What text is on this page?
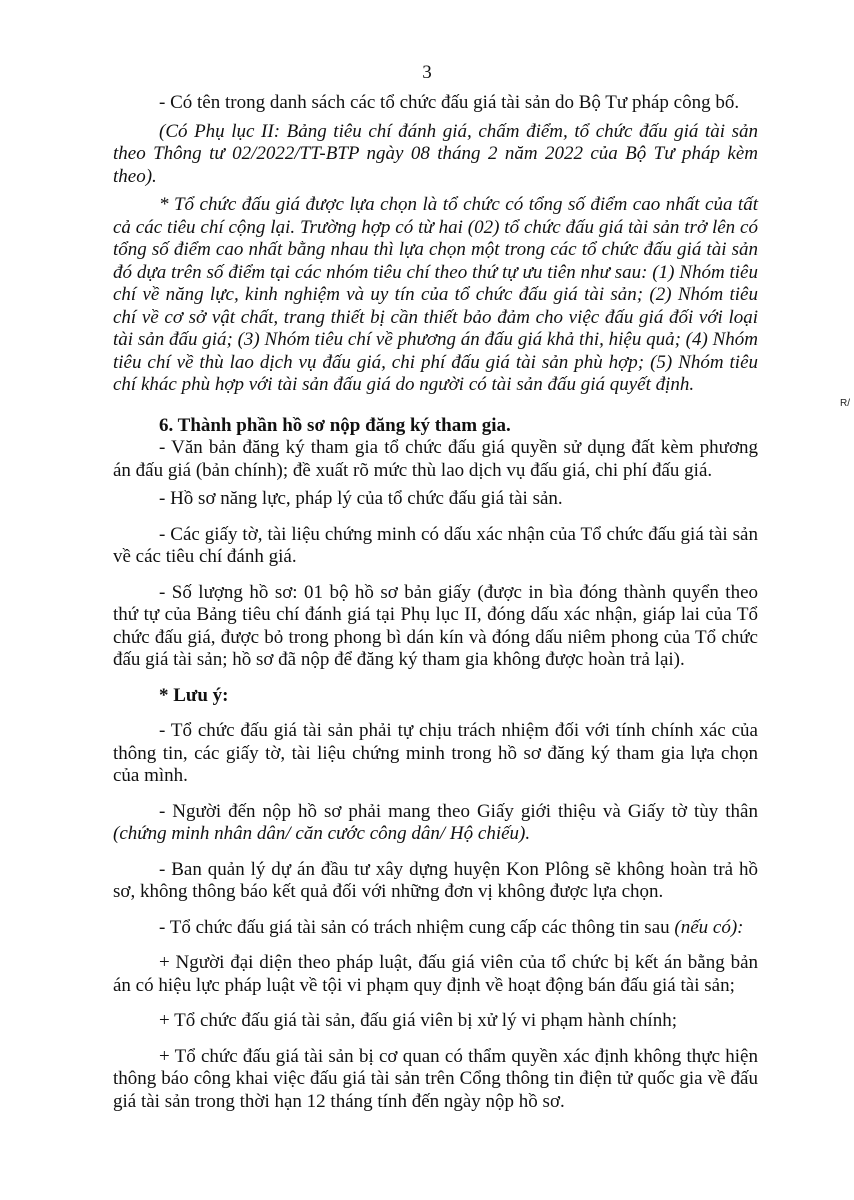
3
R/

- Có tên trong danh sách các tổ chức đấu giá tài sản do Bộ Tư pháp công bố.

(Có Phụ lục II: Bảng tiêu chí đánh giá, chấm điểm, tổ chức đấu giá tài sản theo Thông tư 02/2022/TT-BTP ngày 08 tháng 2 năm 2022 của Bộ Tư pháp kèm theo).

* Tổ chức đấu giá được lựa chọn là tổ chức có tổng số điểm cao nhất của tất cả các tiêu chí cộng lại. Trường hợp có từ hai (02) tổ chức đấu giá tài sản trở lên có tổng số điểm cao nhất bằng nhau thì lựa chọn một trong các tổ chức đấu giá tài sản đó dựa trên số điểm tại các nhóm tiêu chí theo thứ tự ưu tiên như sau: (1) Nhóm tiêu chí về năng lực, kinh nghiệm và uy tín của tổ chức đấu giá tài sản; (2) Nhóm tiêu chí về cơ sở vật chất, trang thiết bị cần thiết bảo đảm cho việc đấu giá đối với loại tài sản đấu giá; (3) Nhóm tiêu chí về phương án đấu giá khả thi, hiệu quả; (4) Nhóm tiêu chí về thù lao dịch vụ đấu giá, chi phí đấu giá tài sản phù hợp; (5) Nhóm tiêu chí khác phù hợp với tài sản đấu giá do người có tài sản đấu giá quyết định.

6. Thành phần hồ sơ nộp đăng ký tham gia.

- Văn bản đăng ký tham gia tổ chức đấu giá quyền sử dụng đất kèm phương án đấu giá (bản chính); đề xuất rõ mức thù lao dịch vụ đấu giá, chi phí đấu giá.

- Hồ sơ năng lực, pháp lý của tổ chức đấu giá tài sản.

- Các giấy tờ, tài liệu chứng minh có dấu xác nhận của Tổ chức đấu giá tài sản về các tiêu chí đánh giá.

- Số lượng hồ sơ: 01 bộ hồ sơ bản giấy (được in bìa đóng thành quyển theo thứ tự của Bảng tiêu chí đánh giá tại Phụ lục II, đóng dấu xác nhận, giáp lai của Tổ chức đấu giá, được bỏ trong phong bì dán kín và đóng dấu niêm phong của Tổ chức đấu giá tài sản; hồ sơ đã nộp để đăng ký tham gia không được hoàn trả lại).

* Lưu ý:

- Tổ chức đấu giá tài sản phải tự chịu trách nhiệm đối với tính chính xác của thông tin, các giấy tờ, tài liệu chứng minh trong hồ sơ đăng ký tham gia lựa chọn của mình.

- Người đến nộp hồ sơ phải mang theo Giấy giới thiệu và Giấy tờ tùy thân (chứng minh nhân dân/ căn cước công dân/ Hộ chiếu).

- Ban quản lý dự án đầu tư xây dựng huyện Kon Plông sẽ không hoàn trả hồ sơ, không thông báo kết quả đối với những đơn vị không được lựa chọn.

- Tổ chức đấu giá tài sản có trách nhiệm cung cấp các thông tin sau (nếu có):

+ Người đại diện theo pháp luật, đấu giá viên của tổ chức bị kết án bằng bản án có hiệu lực pháp luật về tội vi phạm quy định về hoạt động bán đấu giá tài sản;

+ Tổ chức đấu giá tài sản, đấu giá viên bị xử lý vi phạm hành chính;

+ Tổ chức đấu giá tài sản bị cơ quan có thẩm quyền xác định không thực hiện thông báo công khai việc đấu giá tài sản trên Cổng thông tin điện tử quốc gia về đấu giá tài sản trong thời hạn 12 tháng tính đến ngày nộp hồ sơ.
